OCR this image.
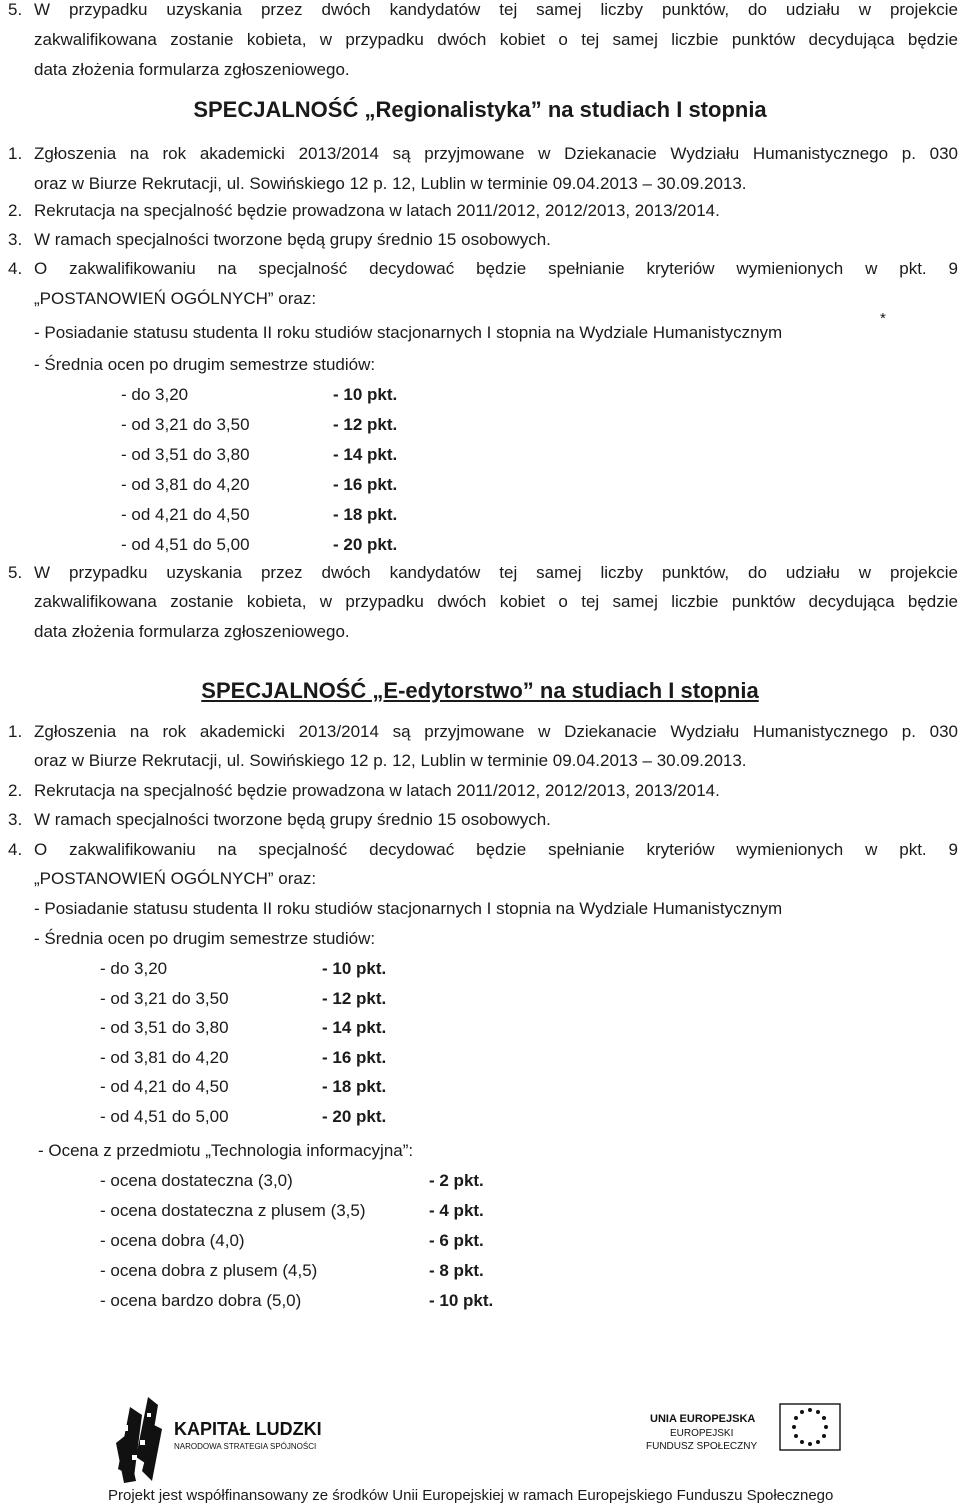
5. W przypadku uzyskania przez dwóch kandydatów tej samej liczby punktów, do udziału w projekcie
zakwalifikowana zostanie kobieta, w przypadku dwóch kobiet o tej samej liczbie punktów decydująca będzie
data złożenia formularza zgłoszeniowego.
SPECJALNOŚĆ „Regionalistyka” na studiach I stopnia
1. Zgłoszenia na rok akademicki 2013/2014 są przyjmowane w Dziekanacie Wydziału Humanistycznego p. 030
oraz w Biurze Rekrutacji, ul. Sowińskiego 12 p. 12, Lublin w terminie 09.04.2013 – 30.09.2013.
2. Rekrutacja na specjalność będzie prowadzona w latach 2011/2012, 2012/2013, 2013/2014.
3. W ramach specjalności tworzone będą grupy średnio 15 osobowych.
4. O zakwalifikowaniu na specjalność decydować będzie spełnianie kryteriów wymienionych w pkt. 9
„POSTANOWIEŃ OGÓLNYCH” oraz:
- Posiadanie statusu studenta II roku studiów stacjonarnych I stopnia na Wydziale Humanistycznym
*
- Średnia ocen po drugim semestrze studiów:
- do 3,20	- 10 pkt.
- od 3,21 do 3,50	- 12 pkt.
- od 3,51 do 3,80	- 14 pkt.
- od 3,81 do 4,20	- 16 pkt.
- od 4,21 do 4,50	- 18 pkt.
- od 4,51 do 5,00	- 20 pkt.
5. W przypadku uzyskania przez dwóch kandydatów tej samej liczby punktów, do udziału w projekcie
zakwalifikowana zostanie kobieta, w przypadku dwóch kobiet o tej samej liczbie punktów decydująca będzie
data złożenia formularza zgłoszeniowego.
SPECJALNOŚĆ „E-edytorstwo” na studiach I stopnia
1. Zgłoszenia na rok akademicki 2013/2014 są przyjmowane w Dziekanacie Wydziału Humanistycznego p. 030
oraz w Biurze Rekrutacji, ul. Sowińskiego 12 p. 12, Lublin w terminie 09.04.2013 – 30.09.2013.
2. Rekrutacja na specjalność będzie prowadzona w latach 2011/2012, 2012/2013, 2013/2014.
3. W ramach specjalności tworzone będą grupy średnio 15 osobowych.
4. O zakwalifikowaniu na specjalność decydować będzie spełnianie kryteriów wymienionych w pkt. 9
„POSTANOWIEŃ OGÓLNYCH” oraz:
- Posiadanie statusu studenta II roku studiów stacjonarnych I stopnia na Wydziale Humanistycznym
- Średnia ocen po drugim semestrze studiów:
- do 3,20	- 10 pkt.
- od 3,21 do 3,50	- 12 pkt.
- od 3,51 do 3,80	- 14 pkt.
- od 3,81 do 4,20	- 16 pkt.
- od 4,21 do 4,50	- 18 pkt.
- od 4,51 do 5,00	- 20 pkt.
- Ocena z przedmiotu „Technologia informacyjna”:
- ocena dostateczna (3,0)	- 2 pkt.
- ocena dostateczna z plusem (3,5)	- 4 pkt.
- ocena dobra (4,0)	- 6 pkt.
- ocena dobra z plusem (4,5)	- 8 pkt.
- ocena bardzo dobra (5,0)	- 10 pkt.
KAPITAŁ LUDZKI
NARODOWA STRATEGIA SPÓJNOŚCI
UNIA EUROPEJSKA
EUROPEJSKI
FUNDUSZ SPOŁECZNY
Projekt jest współfinansowany ze środków Unii Europejskiej w ramach Europejskiego Funduszu Społecznego
